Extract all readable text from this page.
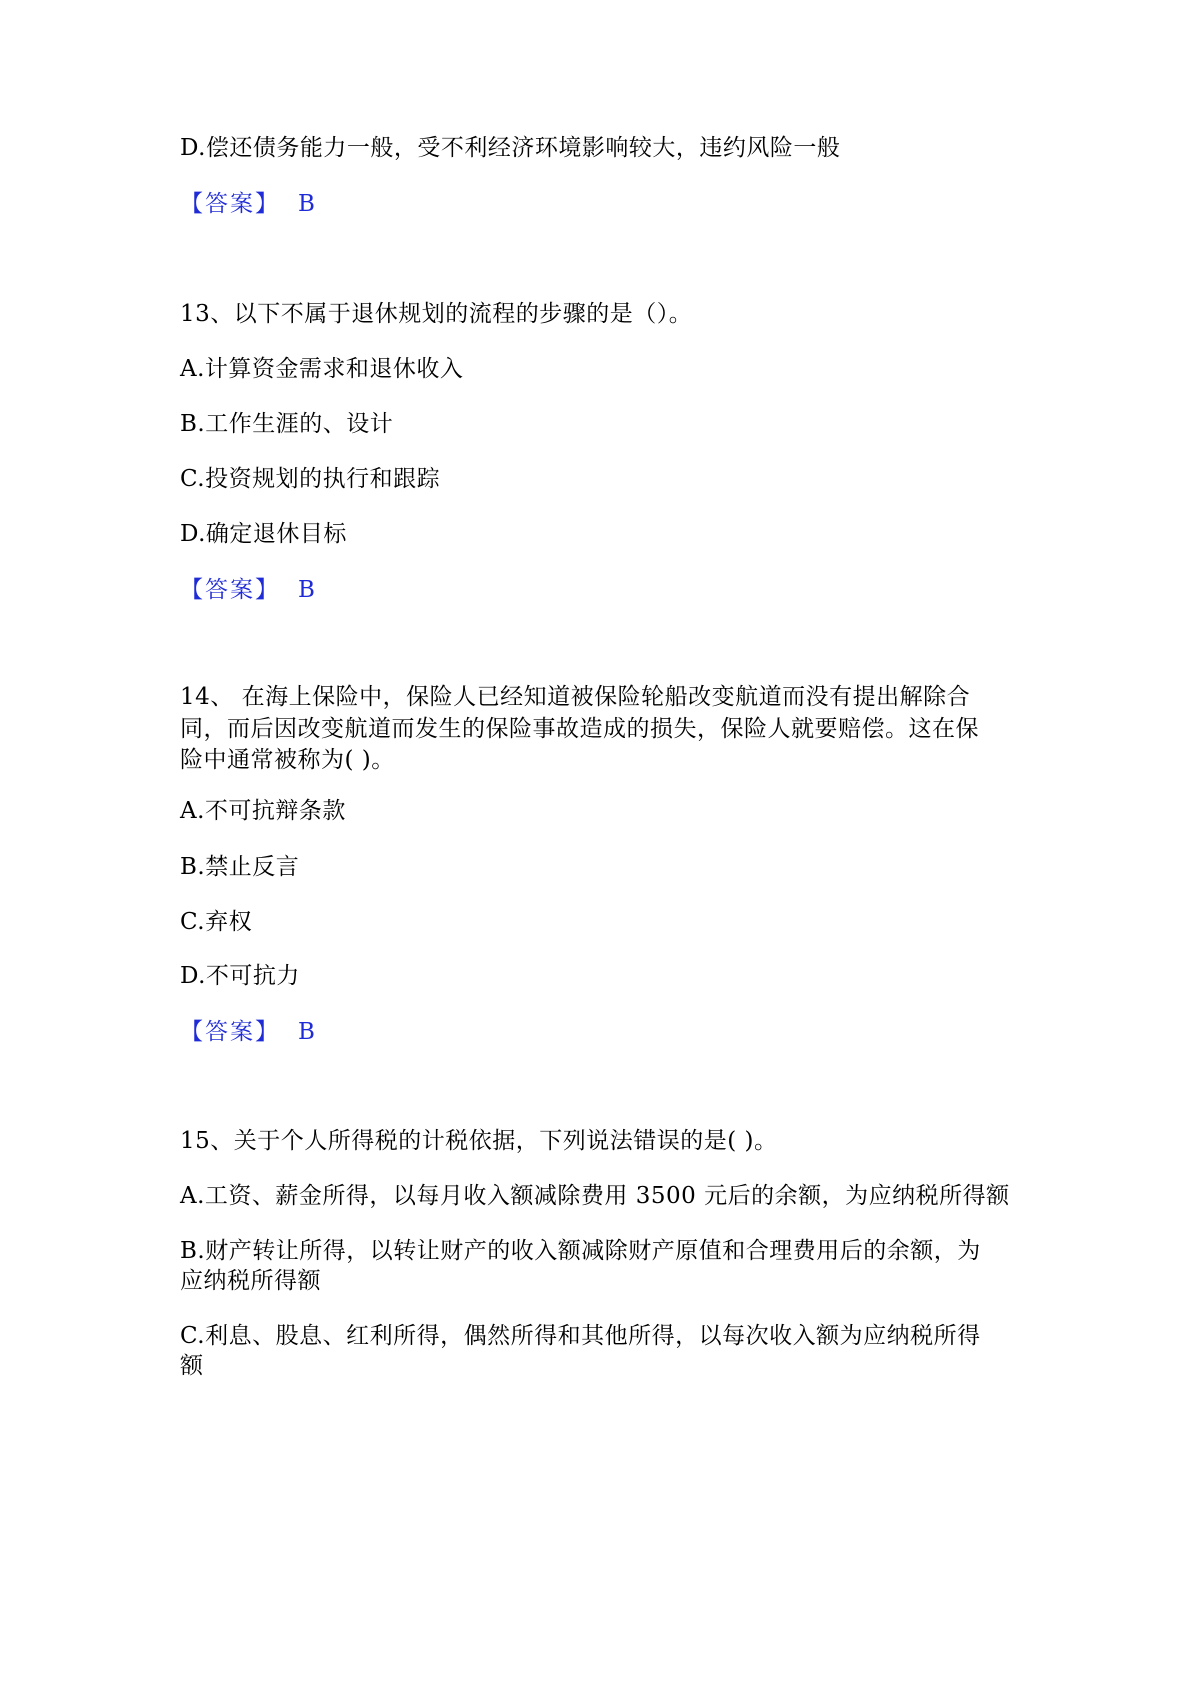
D.偿还债务能力一般，受不利经济环境影响较大，违约风险一般

【答案】 B

13、以下不属于退休规划的流程的步骤的是（）。

A.计算资金需求和退休收入

B.工作生涯的、设计

C.投资规划的执行和跟踪

D.确定退休目标

【答案】 B

14、 在海上保险中，保险人已经知道被保险轮船改变航道而没有提出解除合

同，而后因改变航道而发生的保险事故造成的损失，保险人就要赔偿。这在保

险中通常被称为( )。

A.不可抗辩条款

B.禁止反言

C.弃权

D.不可抗力

【答案】 B

15、关于个人所得税的计税依据，下列说法错误的是( )。

A.工资、薪金所得，以每月收入额减除费用 3500 元后的余额，为应纳税所得额

B.财产转让所得，以转让财产的收入额减除财产原值和合理费用后的余额，为

应纳税所得额

C.利息、股息、红利所得，偶然所得和其他所得，以每次收入额为应纳税所得

额
